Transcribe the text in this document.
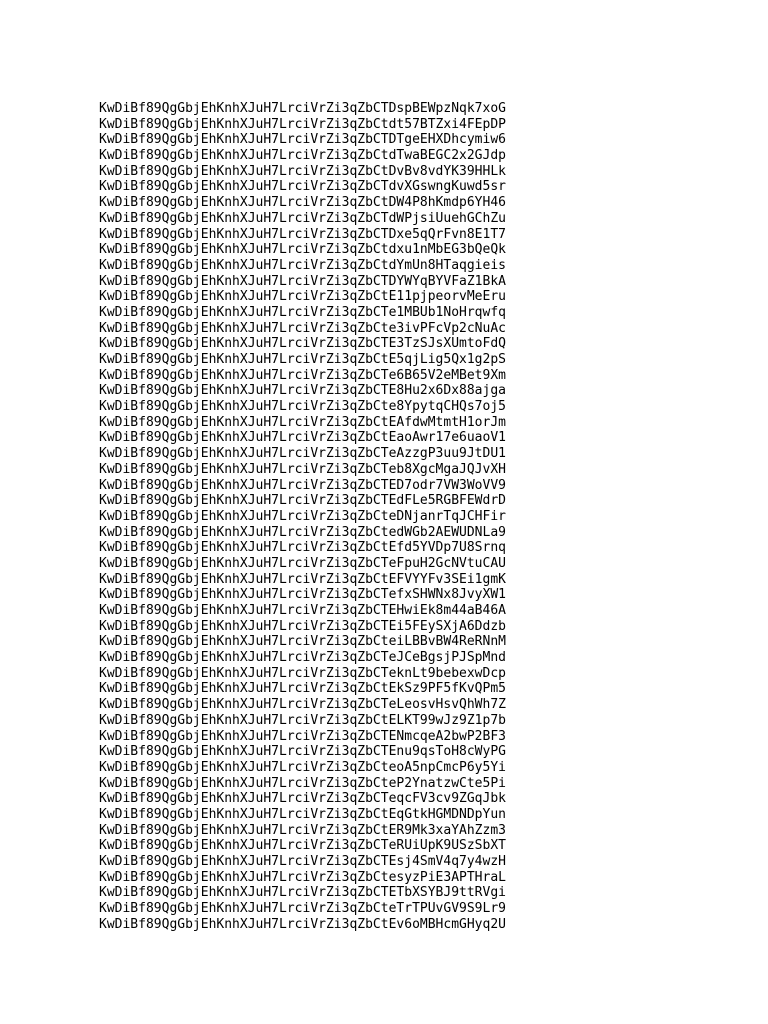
KwDiBf89QgGbjEhKnhXJuH7LrciVrZi3qZbCTDspBEWpzNqk7xoG
KwDiBf89QgGbjEhKnhXJuH7LrciVrZi3qZbCtdt57BTZxi4FEpDP
KwDiBf89QgGbjEhKnhXJuH7LrciVrZi3qZbCTDTgeEHXDhcymiw6
KwDiBf89QgGbjEhKnhXJuH7LrciVrZi3qZbCtdTwaBEGC2x2GJdp
KwDiBf89QgGbjEhKnhXJuH7LrciVrZi3qZbCtDvBv8vdYK39HHLk
KwDiBf89QgGbjEhKnhXJuH7LrciVrZi3qZbCTdvXGswngKuwd5sr
KwDiBf89QgGbjEhKnhXJuH7LrciVrZi3qZbCtDW4P8hKmdp6YH46
KwDiBf89QgGbjEhKnhXJuH7LrciVrZi3qZbCTdWPjsiUuehGChZu
KwDiBf89QgGbjEhKnhXJuH7LrciVrZi3qZbCTDxe5qQrFvn8E1T7
KwDiBf89QgGbjEhKnhXJuH7LrciVrZi3qZbCtdxu1nMbEG3bQeQk
KwDiBf89QgGbjEhKnhXJuH7LrciVrZi3qZbCtdYmUn8HTaqgieis
KwDiBf89QgGbjEhKnhXJuH7LrciVrZi3qZbCTDYWYqBYVFaZ1BkA
KwDiBf89QgGbjEhKnhXJuH7LrciVrZi3qZbCtE11pjpeorvMeEru
KwDiBf89QgGbjEhKnhXJuH7LrciVrZi3qZbCTe1MBUb1NoHrqwfq
KwDiBf89QgGbjEhKnhXJuH7LrciVrZi3qZbCte3ivPFcVp2cNuAc
KwDiBf89QgGbjEhKnhXJuH7LrciVrZi3qZbCTE3TzSJsXUmtoFdQ
KwDiBf89QgGbjEhKnhXJuH7LrciVrZi3qZbCtE5qjLig5Qx1g2pS
KwDiBf89QgGbjEhKnhXJuH7LrciVrZi3qZbCTe6B65V2eMBet9Xm
KwDiBf89QgGbjEhKnhXJuH7LrciVrZi3qZbCTE8Hu2x6Dx88ajga
KwDiBf89QgGbjEhKnhXJuH7LrciVrZi3qZbCte8YpytqCHQs7oj5
KwDiBf89QgGbjEhKnhXJuH7LrciVrZi3qZbCtEAfdwMtmtH1orJm
KwDiBf89QgGbjEhKnhXJuH7LrciVrZi3qZbCtEaoAwr17e6uaoV1
KwDiBf89QgGbjEhKnhXJuH7LrciVrZi3qZbCTeAzzgP3uu9JtDU1
KwDiBf89QgGbjEhKnhXJuH7LrciVrZi3qZbCTeb8XgcMgaJQJvXH
KwDiBf89QgGbjEhKnhXJuH7LrciVrZi3qZbCTED7odr7VW3WoVV9
KwDiBf89QgGbjEhKnhXJuH7LrciVrZi3qZbCTEdFLe5RGBFEWdrD
KwDiBf89QgGbjEhKnhXJuH7LrciVrZi3qZbCteDNjanrTqJCHFir
KwDiBf89QgGbjEhKnhXJuH7LrciVrZi3qZbCtedWGb2AEWUDNLa9
KwDiBf89QgGbjEhKnhXJuH7LrciVrZi3qZbCtEfd5YVDp7U8Srnq
KwDiBf89QgGbjEhKnhXJuH7LrciVrZi3qZbCTeFpuH2GcNVtuCAU
KwDiBf89QgGbjEhKnhXJuH7LrciVrZi3qZbCtEFVYYFv3SEi1gmK
KwDiBf89QgGbjEhKnhXJuH7LrciVrZi3qZbCTefxSHWNx8JvyXW1
KwDiBf89QgGbjEhKnhXJuH7LrciVrZi3qZbCTEHwiEk8m44aB46A
KwDiBf89QgGbjEhKnhXJuH7LrciVrZi3qZbCTEi5FEySXjA6Ddzb
KwDiBf89QgGbjEhKnhXJuH7LrciVrZi3qZbCteiLBBvBW4ReRNnM
KwDiBf89QgGbjEhKnhXJuH7LrciVrZi3qZbCTeJCeBgsjPJSpMnd
KwDiBf89QgGbjEhKnhXJuH7LrciVrZi3qZbCTeknLt9bebexwDcp
KwDiBf89QgGbjEhKnhXJuH7LrciVrZi3qZbCtEkSz9PF5fKvQPm5
KwDiBf89QgGbjEhKnhXJuH7LrciVrZi3qZbCTeLeosvHsvQhWh7Z
KwDiBf89QgGbjEhKnhXJuH7LrciVrZi3qZbCtELKT99wJz9Z1p7b
KwDiBf89QgGbjEhKnhXJuH7LrciVrZi3qZbCTENmcqeA2bwP2BF3
KwDiBf89QgGbjEhKnhXJuH7LrciVrZi3qZbCTEnu9qsToH8cWyPG
KwDiBf89QgGbjEhKnhXJuH7LrciVrZi3qZbCteoA5npCmcP6y5Yi
KwDiBf89QgGbjEhKnhXJuH7LrciVrZi3qZbCteP2YnatzwCte5Pi
KwDiBf89QgGbjEhKnhXJuH7LrciVrZi3qZbCTeqcFV3cv9ZGqJbk
KwDiBf89QgGbjEhKnhXJuH7LrciVrZi3qZbCtEqGtkHGMDNDpYun
KwDiBf89QgGbjEhKnhXJuH7LrciVrZi3qZbCtER9Mk3xaYAhZzm3
KwDiBf89QgGbjEhKnhXJuH7LrciVrZi3qZbCTeRUiUpK9USzSbXT
KwDiBf89QgGbjEhKnhXJuH7LrciVrZi3qZbCTEsj4SmV4q7y4wzH
KwDiBf89QgGbjEhKnhXJuH7LrciVrZi3qZbCtesyzPiE3APTHraL
KwDiBf89QgGbjEhKnhXJuH7LrciVrZi3qZbCTETbXSYBJ9ttRVgi
KwDiBf89QgGbjEhKnhXJuH7LrciVrZi3qZbCteTrTPUvGV9S9Lr9
KwDiBf89QgGbjEhKnhXJuH7LrciVrZi3qZbCtEv6oMBHcmGHyq2U
